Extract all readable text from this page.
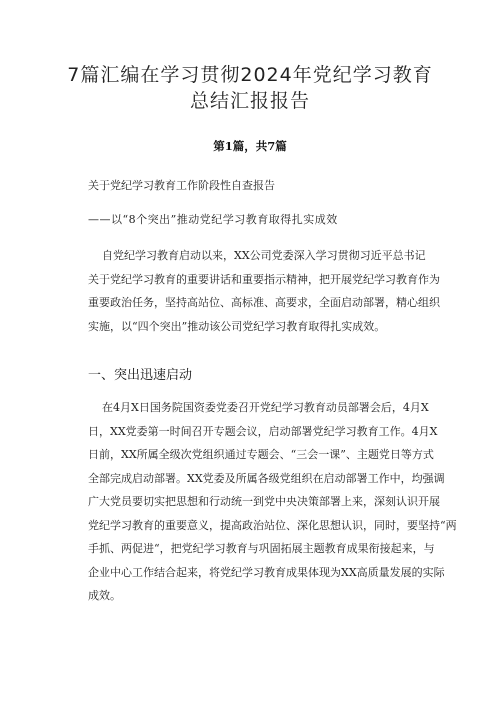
7篇汇编在学习贯彻2024年党纪学习教育
总结汇报报告
第1篇，共7篇
关于党纪学习教育工作阶段性自查报告
——以“8个突出”推动党纪学习教育取得扎实成效
自党纪学习教育启动以来，XX公司党委深入学习贯彻习近平总书记
关于党纪学习教育的重要讲话和重要指示精神，把开展党纪学习教育作为
重要政治任务，坚持高站位、高标准、高要求，全面启动部署，精心组织
实施，以“四个突出”推动该公司党纪学习教育取得扎实成效。
一、突出迅速启动
在4月X日国务院国资委党委召开党纪学习教育动员部署会后，4月X
日，XX党委第一时间召开专题会议，启动部署党纪学习教育工作。4月X
日前，XX所属全级次党组织通过专题会、“三会一课”、主题党日等方式
全部完成启动部署。XX党委及所属各级党组织在启动部署工作中，均强调
广大党员要切实把思想和行动统一到党中央决策部署上来，深刻认识开展
党纪学习教育的重要意义，提高政治站位、深化思想认识，同时，要坚持“两
手抓、两促进“，把党纪学习教育与巩固拓展主题教育成果衔接起来，与
企业中心工作结合起来，将党纪学习教育成果体现为XX高质量发展的实际
成效。
